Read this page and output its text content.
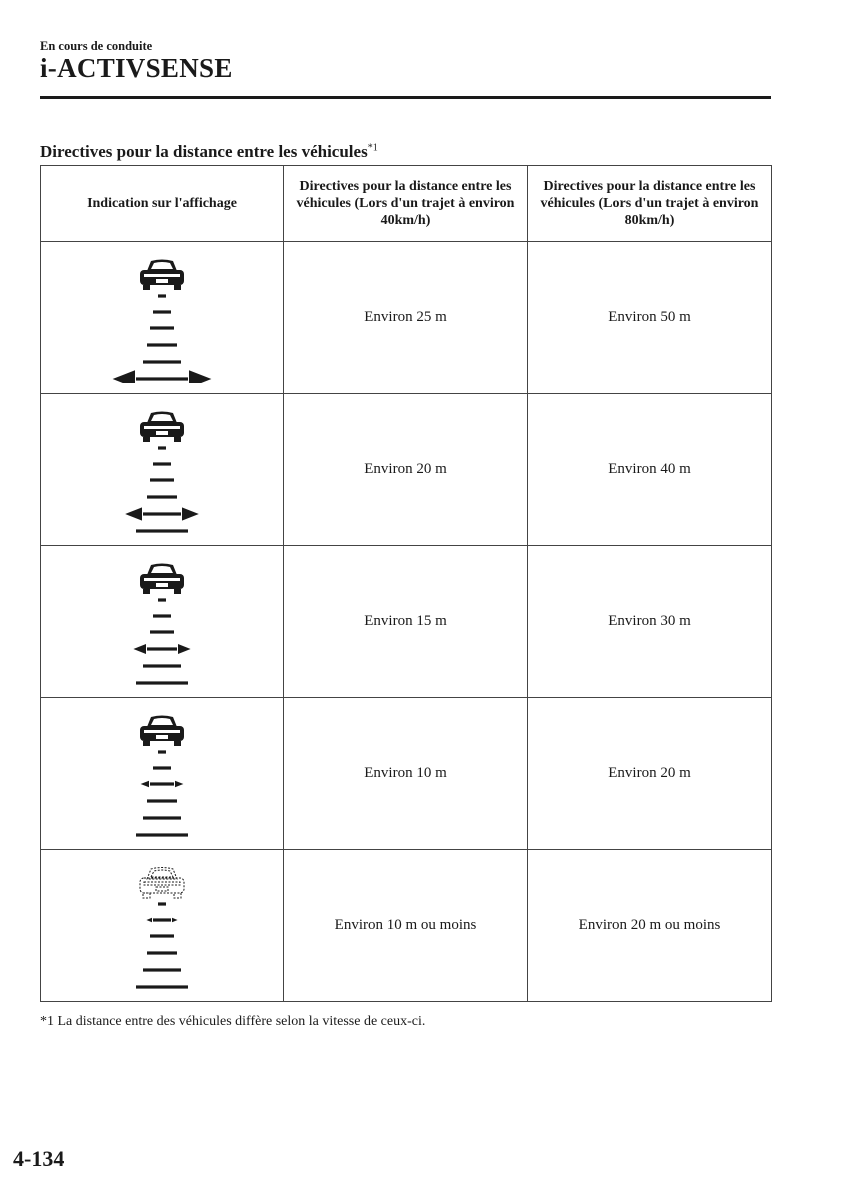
En cours de conduite
i-ACTIVSENSE
Directives pour la distance entre les véhicules$^{*1}$
Indication sur l'affichage	Directives pour la distance entre les véhicules (Lors d'un trajet à environ 40km/h)	Directives pour la distance entre les véhicules (Lors d'un trajet à environ 80km/h)

	Environ 25 m	Environ 50 m

	Environ 20 m	Environ 40 m

	Environ 15 m	Environ 30 m

	Environ 10 m	Environ 20 m

	Environ 10 m ou moins	Environ 20 m ou moins
*1 La distance entre des véhicules diffère selon la vitesse de ceux-ci.
4-134
